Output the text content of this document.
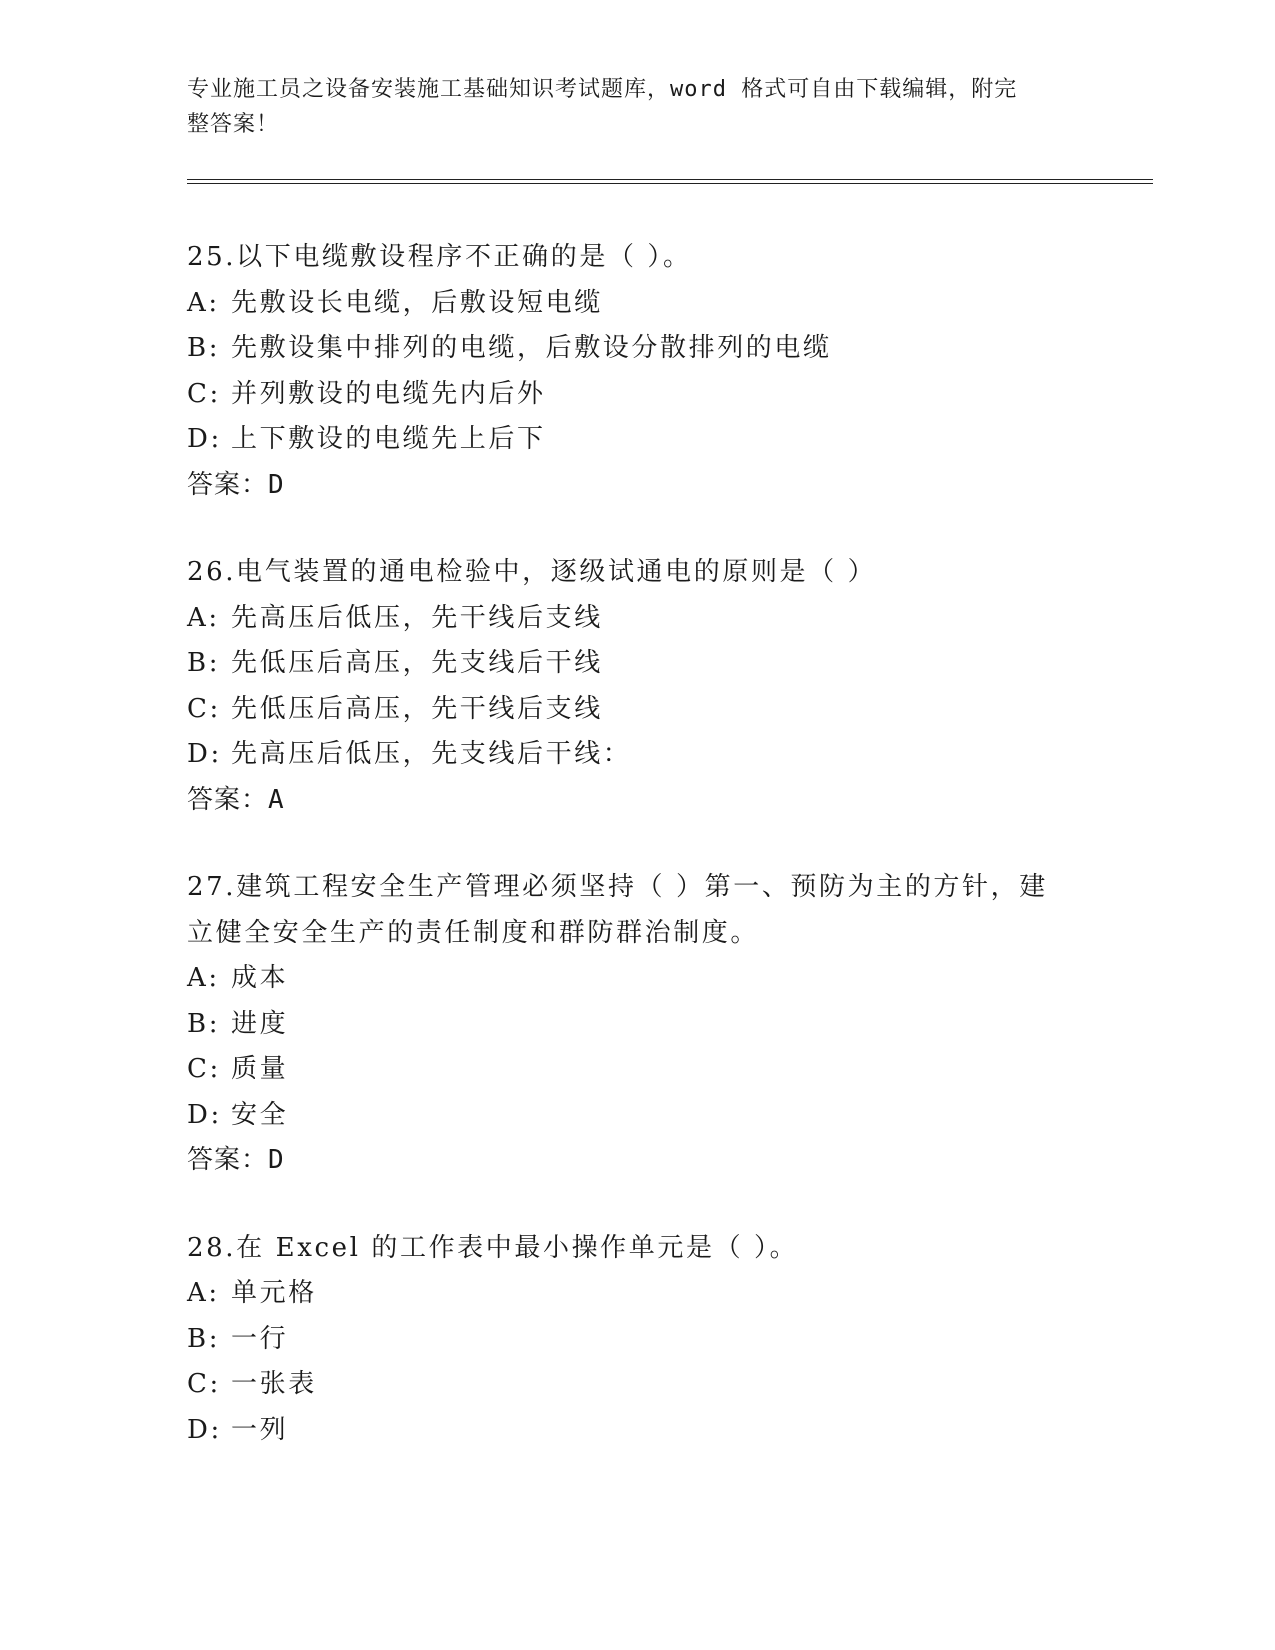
专业施工员之设备安装施工基础知识考试题库，word 格式可自由下载编辑，附完
整答案！
25.以下电缆敷设程序不正确的是（ ）。
A: 先敷设长电缆，后敷设短电缆
B: 先敷设集中排列的电缆，后敷设分散排列的电缆
C: 并列敷设的电缆先内后外
D: 上下敷设的电缆先上后下
答案：D
26.电气装置的通电检验中，逐级试通电的原则是（ ）
A: 先高压后低压，先干线后支线
B: 先低压后高压，先支线后干线
C: 先低压后高压，先干线后支线
D: 先高压后低压，先支线后干线：
答案：A
27.建筑工程安全生产管理必须坚持（ ）第一、预防为主的方针，建
立健全安全生产的责任制度和群防群治制度。
A: 成本
B: 进度
C: 质量
D: 安全
答案：D
28.在 Excel 的工作表中最小操作单元是（ ）。
A: 单元格
B: 一行
C: 一张表
D: 一列
